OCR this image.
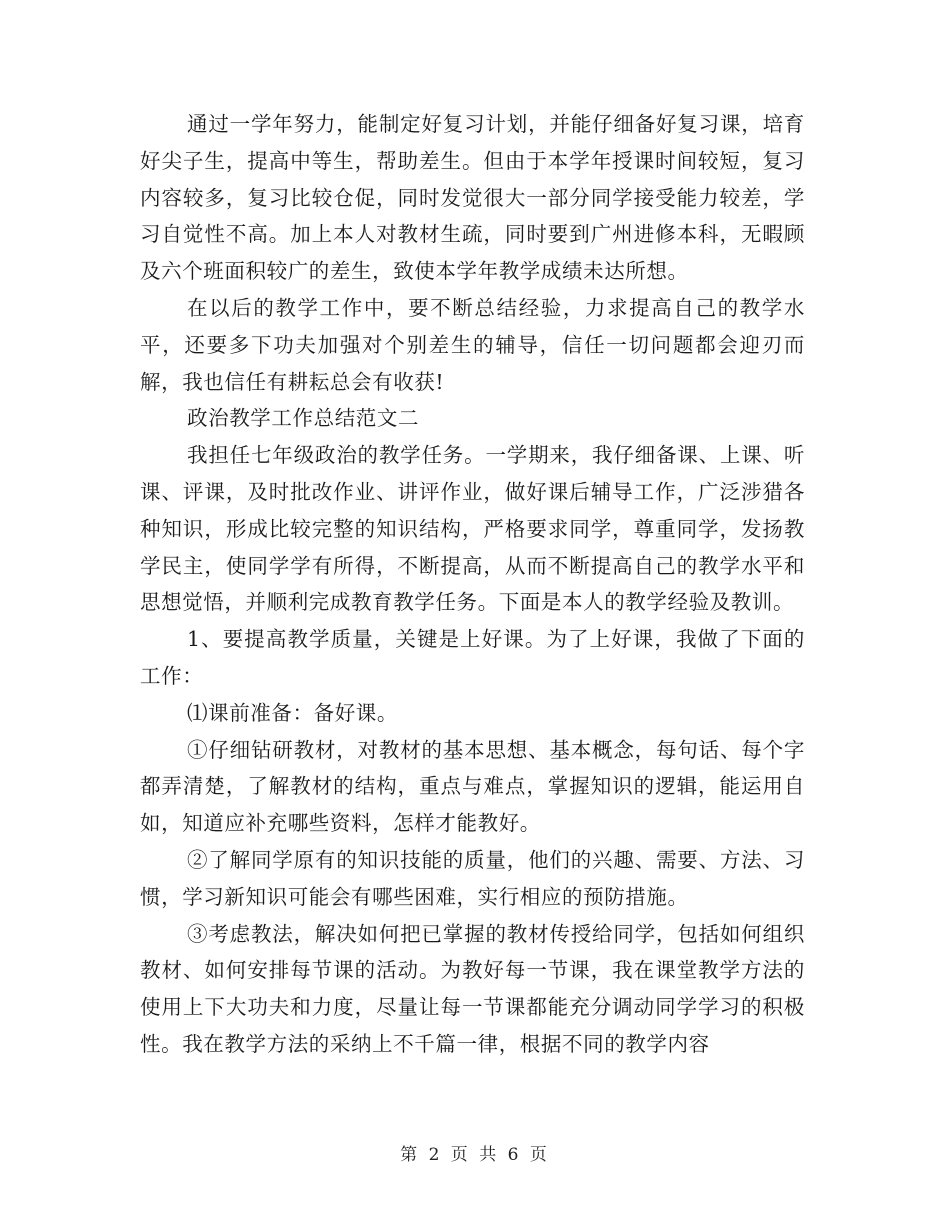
通过一学年努力，能制定好复习计划，并能仔细备好复习课，培育好尖子生，提高中等生，帮助差生。但由于本学年授课时间较短，复习内容较多，复习比较仓促，同时发觉很大一部分同学接受能力较差，学习自觉性不高。加上本人对教材生疏，同时要到广州进修本科，无暇顾及六个班面积较广的差生，致使本学年教学成绩未达所想。

在以后的教学工作中，要不断总结经验，力求提高自己的教学水平，还要多下功夫加强对个别差生的辅导，信任一切问题都会迎刃而解，我也信任有耕耘总会有收获!

政治教学工作总结范文二

我担任七年级政治的教学任务。一学期来，我仔细备课、上课、听课、评课，及时批改作业、讲评作业，做好课后辅导工作，广泛涉猎各种知识，形成比较完整的知识结构，严格要求同学，尊重同学，发扬教学民主，使同学学有所得，不断提高，从而不断提高自己的教学水平和思想觉悟，并顺利完成教育教学任务。下面是本人的教学经验及教训。

1、要提高教学质量，关键是上好课。为了上好课，我做了下面的工作：

⑴课前准备：备好课。

①仔细钻研教材，对教材的基本思想、基本概念，每句话、每个字都弄清楚，了解教材的结构，重点与难点，掌握知识的逻辑，能运用自如，知道应补充哪些资料，怎样才能教好。

②了解同学原有的知识技能的质量，他们的兴趣、需要、方法、习惯，学习新知识可能会有哪些困难，实行相应的预防措施。

③考虑教法，解决如何把已掌握的教材传授给同学，包括如何组织教材、如何安排每节课的活动。为教好每一节课，我在课堂教学方法的使用上下大功夫和力度，尽量让每一节课都能充分调动同学学习的积极性。我在教学方法的采纳上不千篇一律，根据不同的教学内容

第 2 页 共 6 页
